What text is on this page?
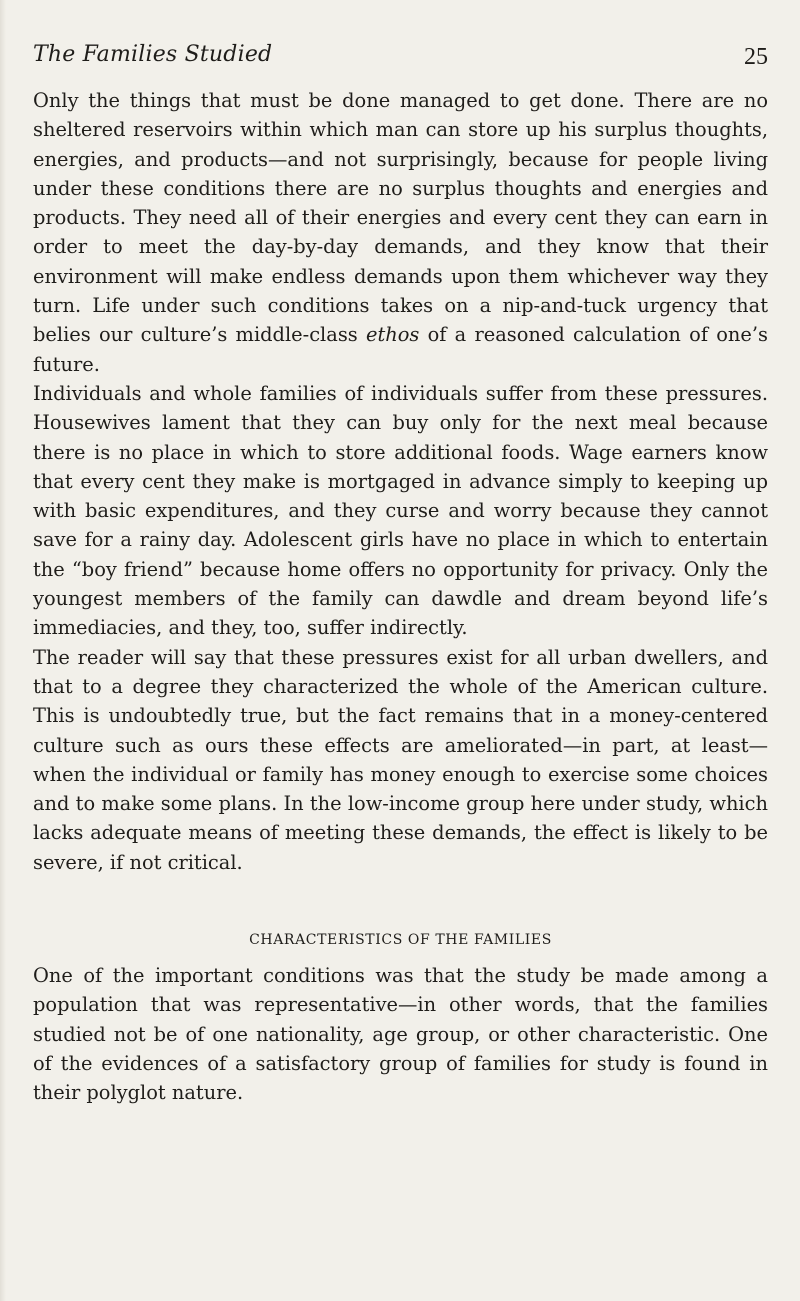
The Families Studied	25

Only the things that must be done managed to get done. There are no sheltered reservoirs within which man can store up his surplus thoughts, energies, and products—and not surprisingly, because for people living under these conditions there are no surplus thoughts and energies and products. They need all of their energies and every cent they can earn in order to meet the day-by-day demands, and they know that their environment will make endless demands upon them whichever way they turn. Life under such conditions takes on a nip-and-tuck urgency that belies our culture’s middle-class ethos of a reasoned calculation of one’s future.

Individuals and whole families of individuals suffer from these pressures. Housewives lament that they can buy only for the next meal because there is no place in which to store additional foods. Wage earners know that every cent they make is mortgaged in advance simply to keeping up with basic expenditures, and they curse and worry because they cannot save for a rainy day. Adolescent girls have no place in which to entertain the “boy friend” because home offers no opportunity for privacy. Only the youngest members of the family can dawdle and dream beyond life’s immediacies, and they, too, suffer indirectly.

The reader will say that these pressures exist for all urban dwellers, and that to a degree they characterized the whole of the American culture. This is undoubtedly true, but the fact remains that in a money-centered culture such as ours these effects are ameliorated—in part, at least—when the individual or family has money enough to exercise some choices and to make some plans. In the low-income group here under study, which lacks adequate means of meeting these demands, the effect is likely to be severe, if not critical.

CHARACTERISTICS OF THE FAMILIES

One of the important conditions was that the study be made among a population that was representative—in other words, that the families studied not be of one nationality, age group, or other characteristic. One of the evidences of a satisfactory group of families for study is found in their polyglot nature.
